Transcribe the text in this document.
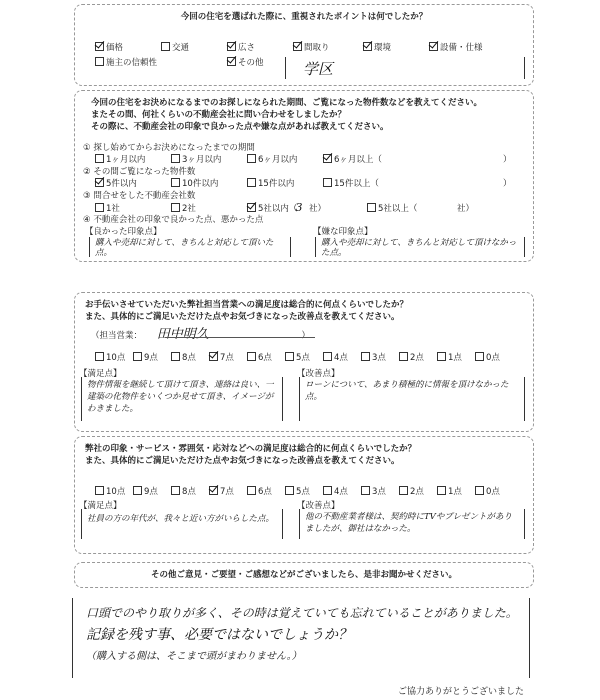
今回の住宅を選ばれた際に、重視されたポイントは何でしたか？
価格	交通	広さ	間取り	環境	設備・仕様
施主の信頼性	その他	学区
今回の住宅をお決めになるまでのお探しになられた期間、ご覧になった物件数などを教えてください。
またその間、何社くらいの不動産会社に問い合わせをしましたか？
その際に、不動産会社の印象で良かった点や嫌な点があれば教えてください。
① 探し始めてからお決めになったまでの期間
1ヶ月以内	3ヶ月以内	6ヶ月以内	6ヶ月以上（	）
② その間ご覧になった物件数
5件以内	10件以内	15件以内	15件以上（	）
③ 問合せをした不動産会社数
1社	2社	5社以内（3 社）	5社以上（	社）
④ 不動産会社の印象で良かった点、悪かった点
【良かった印象点】
購入や売却に対して、きちんと対応して頂いた点。
【嫌な印象点】
購入や売却に対して、きちんと対応して頂けなかった点。
お手伝いさせていただいた弊社担当営業への満足度は総合的に何点くらいでしたか？
また、具体的にご満足いただけた点やお気づきになった改善点を教えてください。
（担当営業： 田中明久	）
10点 9点	8点	7点	6点	5点	4点	3点	2点	1点	0点
【満足点】
物件情報を継続して頂けて頂き、連絡は良い、一建築の化物件をいくつか見せて頂き、イメージがわきました。
【改善点】
ローンについて、あまり積極的に情報を頂けなかった点。
弊社の印象・サービス・雰囲気・応対などへの満足度は総合的に何点くらいでしたか？
また、具体的にご満足いただけた点やお気づきになった改善点を教えてください。
10点 9点	8点	7点	6点	5点	4点	3点	2点	1点	0点
【満足点】
社員の方の年代が、我々と近い方がいらした点。
【改善点】
他の不動産業者様は、契約時にTVやプレゼントがありましたが、御社はなかった。
その他ご意見・ご要望・ご感想などがございましたら、是非お聞かせください。
口頭でのやり取りが多く、その時は覚えていても忘れていることがありました。
記録を残す事、必要ではないでしょうか？
（購入する側は、そこまで頭がまわりません。）
ご協力ありがとうございました
